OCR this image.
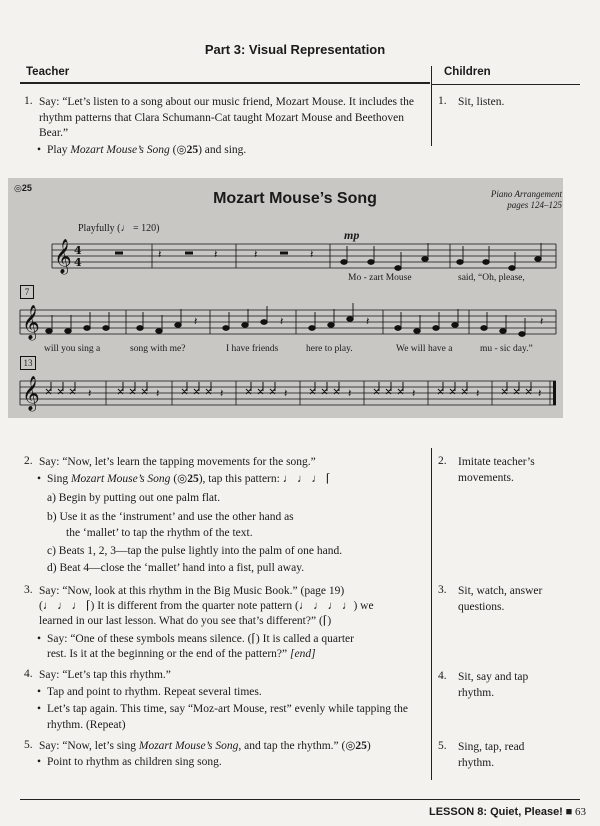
Part 3: Visual Representation
Teacher	Children
1. Say: “Let’s listen to a song about our music friend, Mozart Mouse. It includes the rhythm patterns that Clara Schumann-Cat taught Mozart Mouse and Beethoven Bear.”
• Play Mozart Mouse’s Song (◎25) and sing.
1. Sit, listen.
◎25
Mozart Mouse’s Song	Piano Arrangement
pages 124–125
Playfully (♩ = 120)	mp
𝄞 4
4
𝄞
𝄞
𝄽	𝄽	𝄽	𝄽
𝄽	𝄽	𝄽	𝄽
𝄽	𝄽	𝄽	𝄽	𝄽	𝄽	𝄽	𝄽
7
13
Mo - zart Mouse	said, “Oh, please,
will you sing a	song with me?	I have friends	here to play.	We will have a	mu - sic day.”
2. Say: “Now, let’s learn the tapping movements for the song.”
• Sing Mozart Mouse’s Song (◎25), tap this pattern: ♩ ♩ ♩ ⌈
a) Begin by putting out one palm flat.
b) Use it as the ‘instrument’ and use the other hand as
the ‘mallet’ to tap the rhythm of the text.
c) Beats 1, 2, 3—tap the pulse lightly into the palm of one hand.
d) Beat 4—close the ‘mallet’ hand into a fist, pull away.
2. Imitate teacher’s movements.
3. Say: “Now, look at this rhythm in the Big Music Book.” (page 19)
(♩ ♩ ♩ ⌈) It is different from the quarter note pattern (♩ ♩ ♩ ♩) we
learned in our last lesson. What do you see that’s different?” (⌈)
• Say: “One of these symbols means silence. (⌈) It is called a quarter
rest. Is it at the beginning or the end of the pattern?” [end]
3. Sit, watch, answer questions.
4. Say: “Let’s tap this rhythm.”
• Tap and point to rhythm. Repeat several times.
• Let’s tap again. This time, say “Moz-art Mouse, rest” evenly while tapping the rhythm. (Repeat)
4. Sit, say and tap rhythm.
5. Say: “Now, let’s sing Mozart Mouse’s Song, and tap the rhythm.” (◎25)
• Point to rhythm as children sing song.
5. Sing, tap, read rhythm.
LESSON 8: Quiet, Please! ■ 63
